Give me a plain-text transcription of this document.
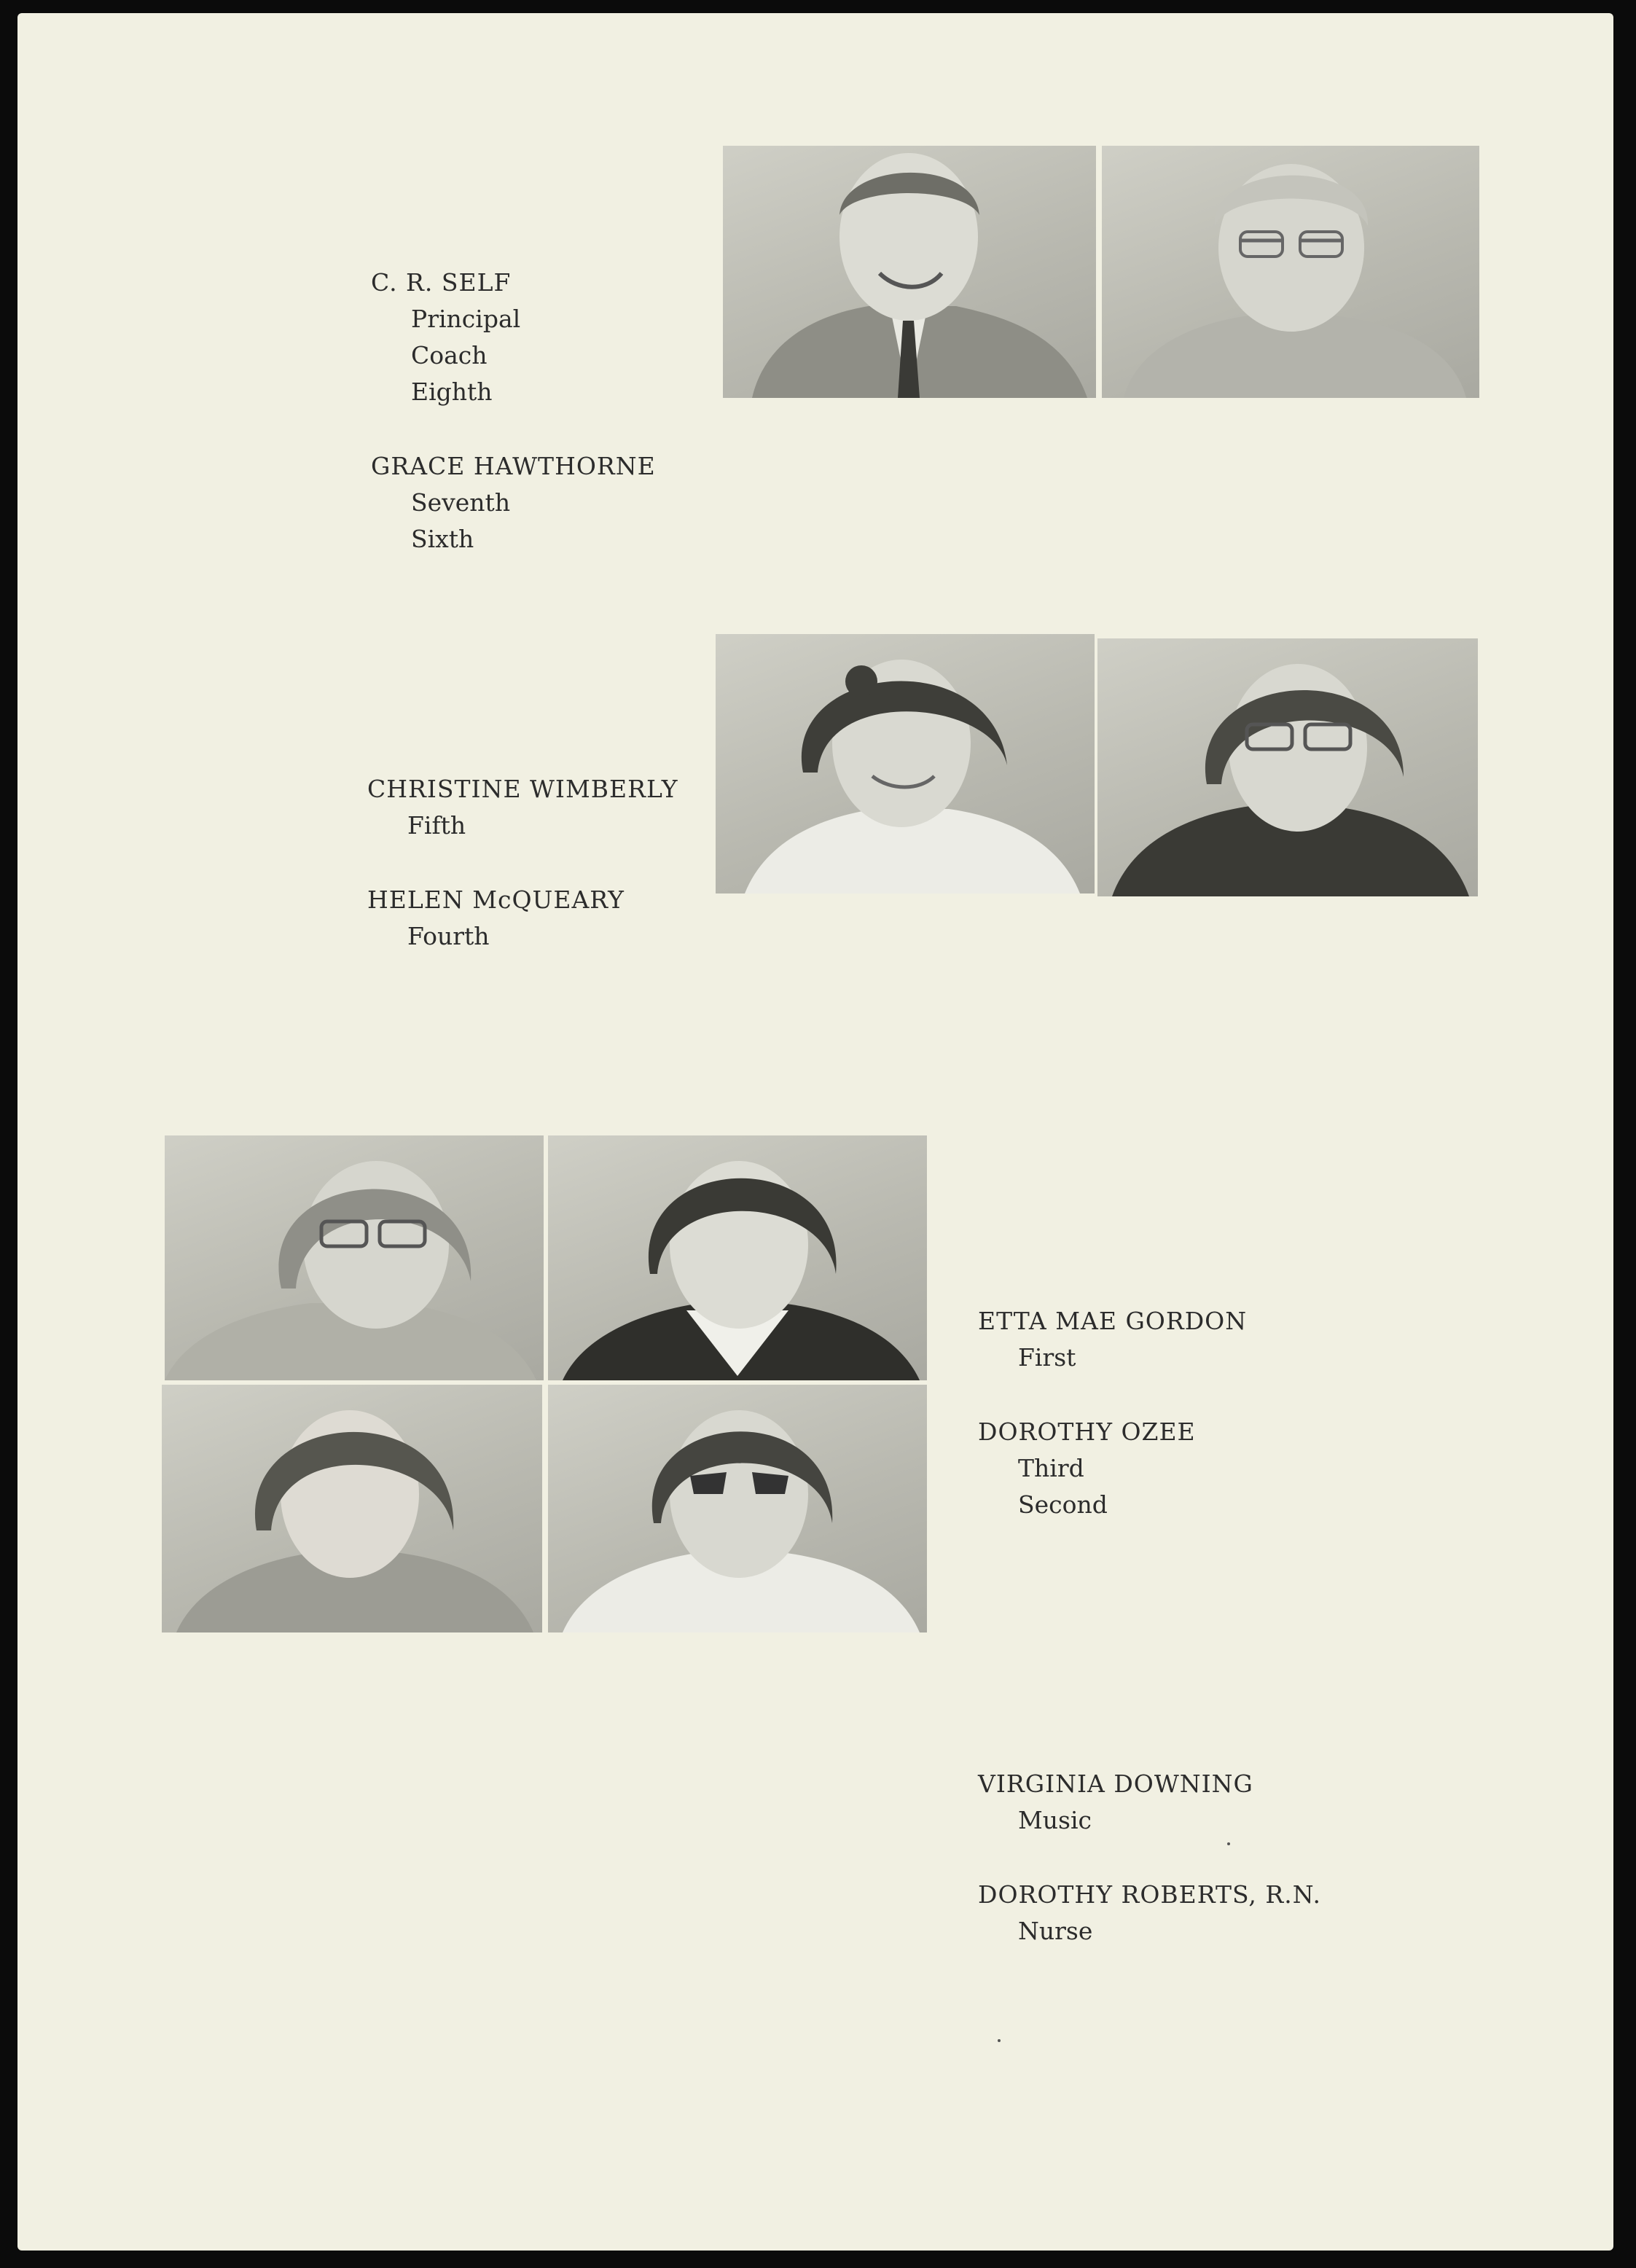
C. R. SELF
Principal
Coach
Eighth
GRACE HAWTHORNE
Seventh
Sixth
CHRISTINE WIMBERLY
Fifth
HELEN McQUEARY
Fourth
ETTA MAE GORDON
First
DOROTHY OZEE
Third
Second
VIRGINIA DOWNING
Music
DOROTHY ROBERTS, R.N.
Nurse
